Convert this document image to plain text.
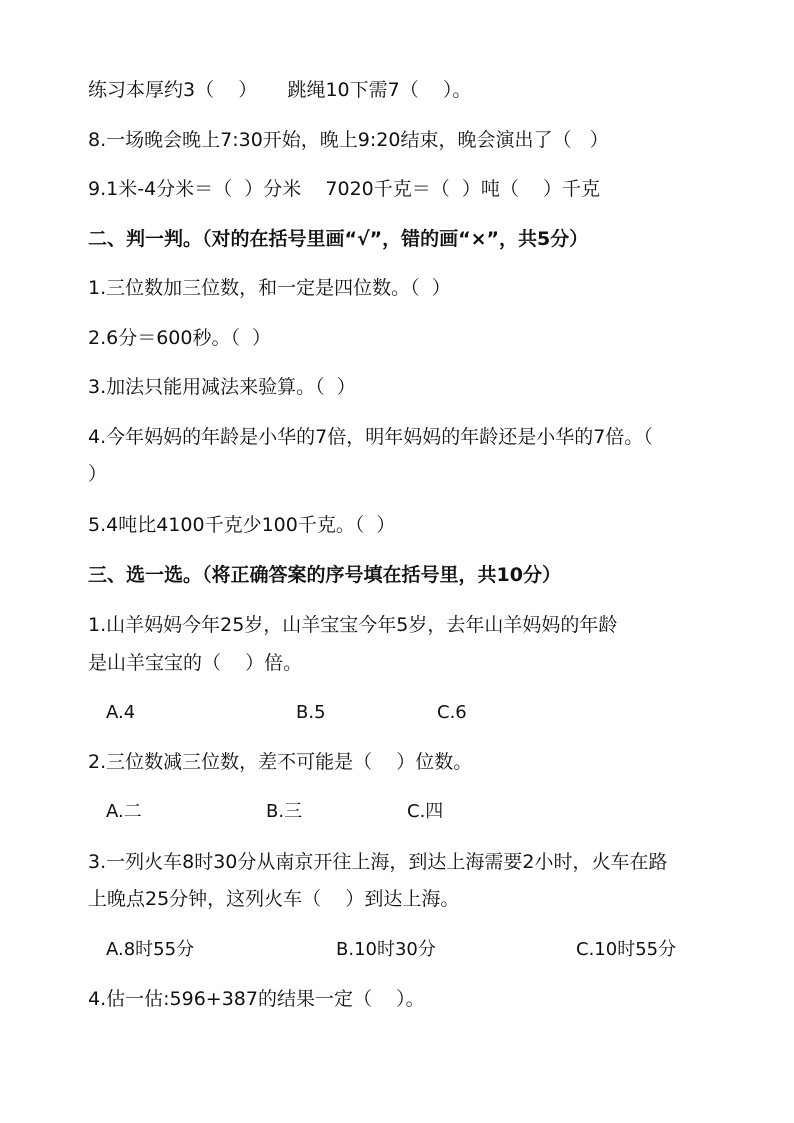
练习本厚约3（    ）     跳绳10下需7（    ）。
8.一场晚会晚上7:30开始，晚上9:20结束，晚会演出了（   ）
9.1米-4分米＝（  ）分米    7020千克＝（  ）吨（    ）千克
二、判一判。（对的在括号里画“√”，错的画“×”，共5分）
1.三位数加三位数，和一定是四位数。（  ）
2.6分＝600秒。（  ）
3.加法只能用减法来验算。（  ）
4.今年妈妈的年龄是小华的7倍，明年妈妈的年龄还是小华的7倍。（
）
5.4吨比4100千克少100千克。（  ）
三、选一选。（将正确答案的序号填在括号里，共10分）
1.山羊妈妈今年25岁，山羊宝宝今年5岁，去年山羊妈妈的年龄
是山羊宝宝的（    ）倍。
A.4	B.5	C.6
2.三位数减三位数，差不可能是（    ）位数。
A.二	B.三	C.四
3.一列火车8时30分从南京开往上海，到达上海需要2小时，火车在路
上晚点25分钟，这列火车（    ）到达上海。
A.8时55分	B.10时30分	C.10时55分
4.估一估:596+387的结果一定（    ）。
